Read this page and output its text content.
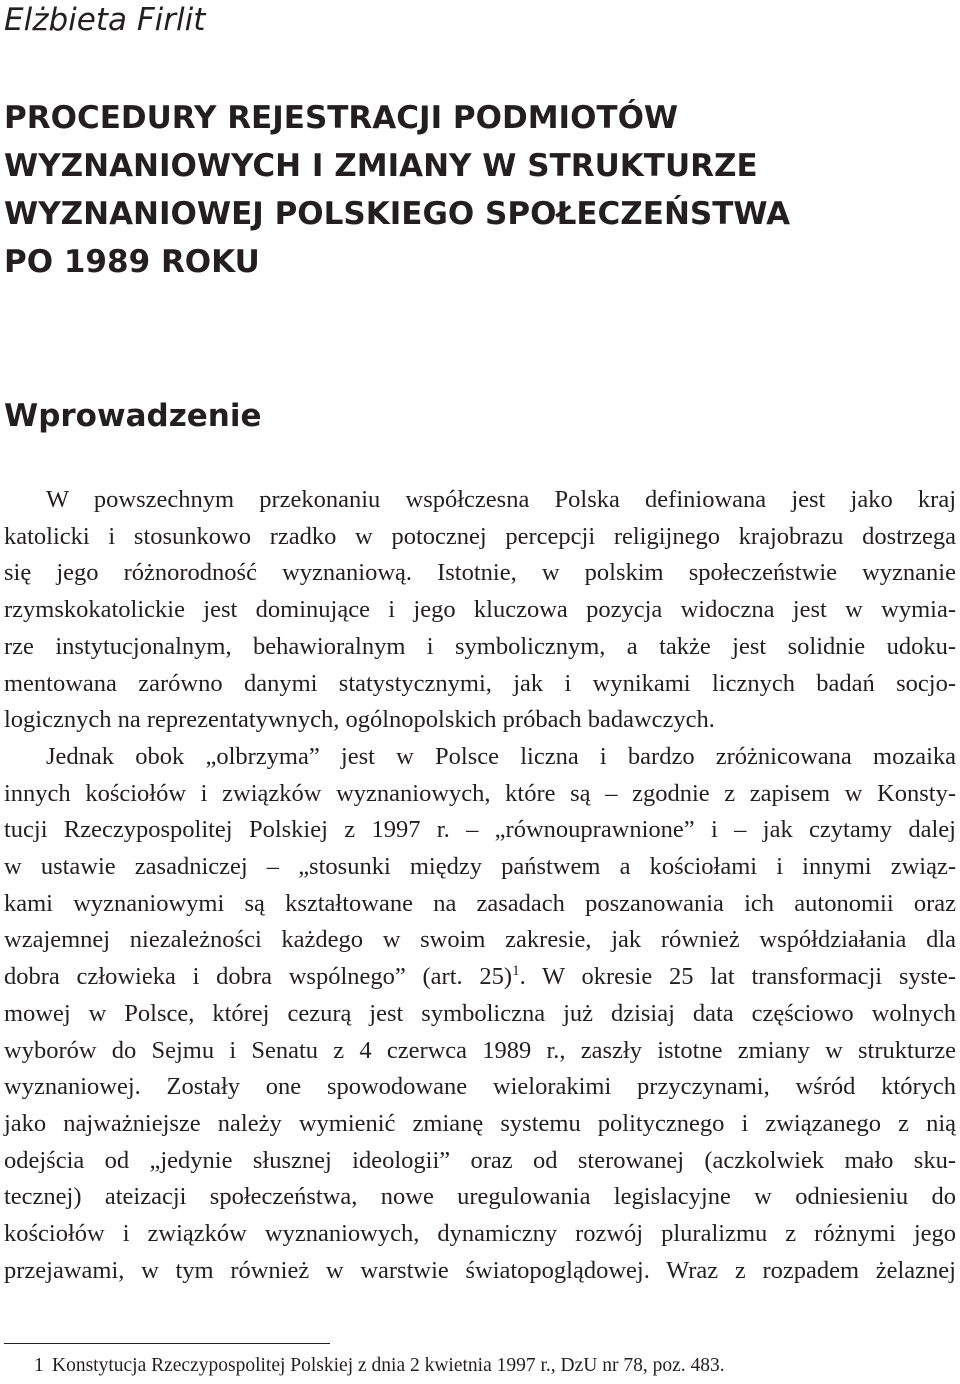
Elżbieta Firlit

PROCEDURY REJESTRACJI PODMIOTÓW
WYZNANIOWYCH I ZMIANY W STRUKTURZE
WYZNANIOWEJ POLSKIEGO SPOŁECZEŃSTWA
PO 1989 ROKU
Wprowadzenie
W powszechnym przekonaniu współczesna Polska definiowana jest jako kraj
katolicki i stosunkowo rzadko w potocznej percepcji religijnego krajobrazu dostrzega
się jego różnorodność wyznaniową. Istotnie, w polskim społeczeństwie wyznanie
rzymskokatolickie jest dominujące i jego kluczowa pozycja widoczna jest w wymia-
rze instytucjonalnym, behawioralnym i symbolicznym, a także jest solidnie udoku-
mentowana zarówno danymi statystycznymi, jak i wynikami licznych badań socjo-
logicznych na reprezentatywnych, ogólnopolskich próbach badawczych.
Jednak obok „olbrzyma” jest w Polsce liczna i bardzo zróżnicowana mozaika
innych kościołów i związków wyznaniowych, które są – zgodnie z zapisem w Konsty-
tucji Rzeczypospolitej Polskiej z 1997 r. – „równouprawnione” i – jak czytamy dalej
w ustawie zasadniczej – „stosunki między państwem a kościołami i innymi związ-
kami wyznaniowymi są kształtowane na zasadach poszanowania ich autonomii oraz
wzajemnej niezależności każdego w swoim zakresie, jak również współdziałania dla
dobra człowieka i dobra wspólnego” (art. 25)$^1$. W okresie 25 lat transformacji syste-
mowej w Polsce, której cezurą jest symboliczna już dzisiaj data częściowo wolnych
wyborów do Sejmu i Senatu z 4 czerwca 1989 r., zaszły istotne zmiany w strukturze
wyznaniowej. Zostały one spowodowane wielorakimi przyczynami, wśród których
jako najważniejsze należy wymienić zmianę systemu politycznego i związanego z nią
odejścia od „jedynie słusznej ideologii” oraz od sterowanej (aczkolwiek mało sku-
tecznej) ateizacji społeczeństwa, nowe uregulowania legislacyjne w odniesieniu do
kościołów i związków wyznaniowych, dynamiczny rozwój pluralizmu z różnymi jego
przejawami, w tym również w warstwie światopoglądowej. Wraz z rozpadem żelaznej

1 Konstytucja Rzeczypospolitej Polskiej z dnia 2 kwietnia 1997 r., DzU nr 78, poz. 483.
